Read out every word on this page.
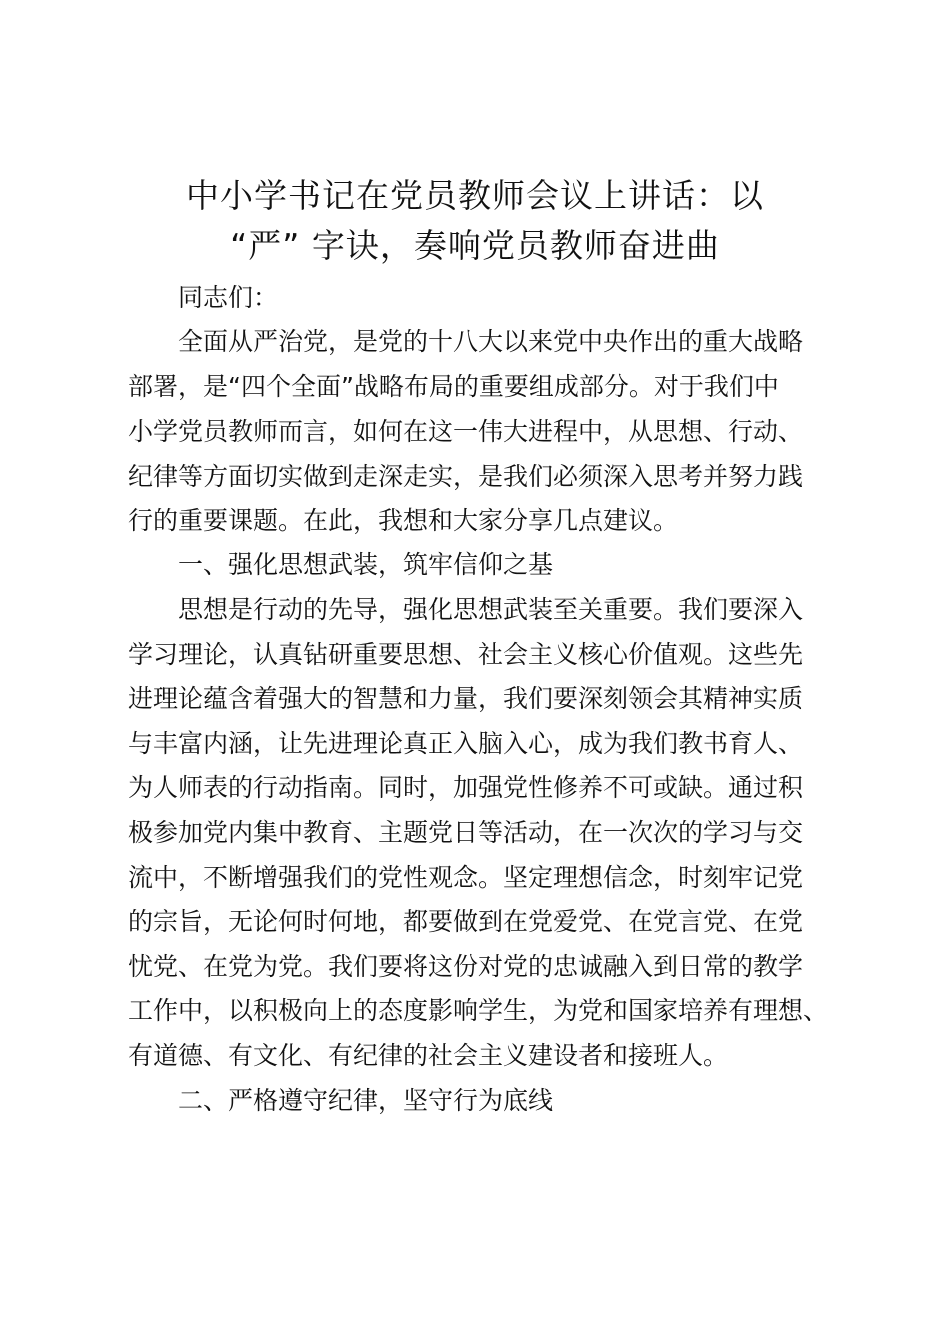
中小学书记在党员教师会议上讲话：以
“严” 字诀，奏响党员教师奋进曲

同志们：

全面从严治党，是党的十八大以来党中央作出的重大战略

部署，是“四个全面”战略布局的重要组成部分。对于我们中

小学党员教师而言，如何在这一伟大进程中，从思想、行动、

纪律等方面切实做到走深走实，是我们必须深入思考并努力践

行的重要课题。在此，我想和大家分享几点建议。

一、强化思想武装，筑牢信仰之基

思想是行动的先导，强化思想武装至关重要。我们要深入

学习理论，认真钻研重要思想、社会主义核心价值观。这些先

进理论蕴含着强大的智慧和力量，我们要深刻领会其精神实质

与丰富内涵，让先进理论真正入脑入心，成为我们教书育人、

为人师表的行动指南。同时，加强党性修养不可或缺。通过积

极参加党内集中教育、主题党日等活动，在一次次的学习与交

流中，不断增强我们的党性观念。坚定理想信念，时刻牢记党

的宗旨，无论何时何地，都要做到在党爱党、在党言党、在党

忧党、在党为党。我们要将这份对党的忠诚融入到日常的教学

工作中，以积极向上的态度影响学生，为党和国家培养有理想、

有道德、有文化、有纪律的社会主义建设者和接班人。

二、严格遵守纪律，坚守行为底线
